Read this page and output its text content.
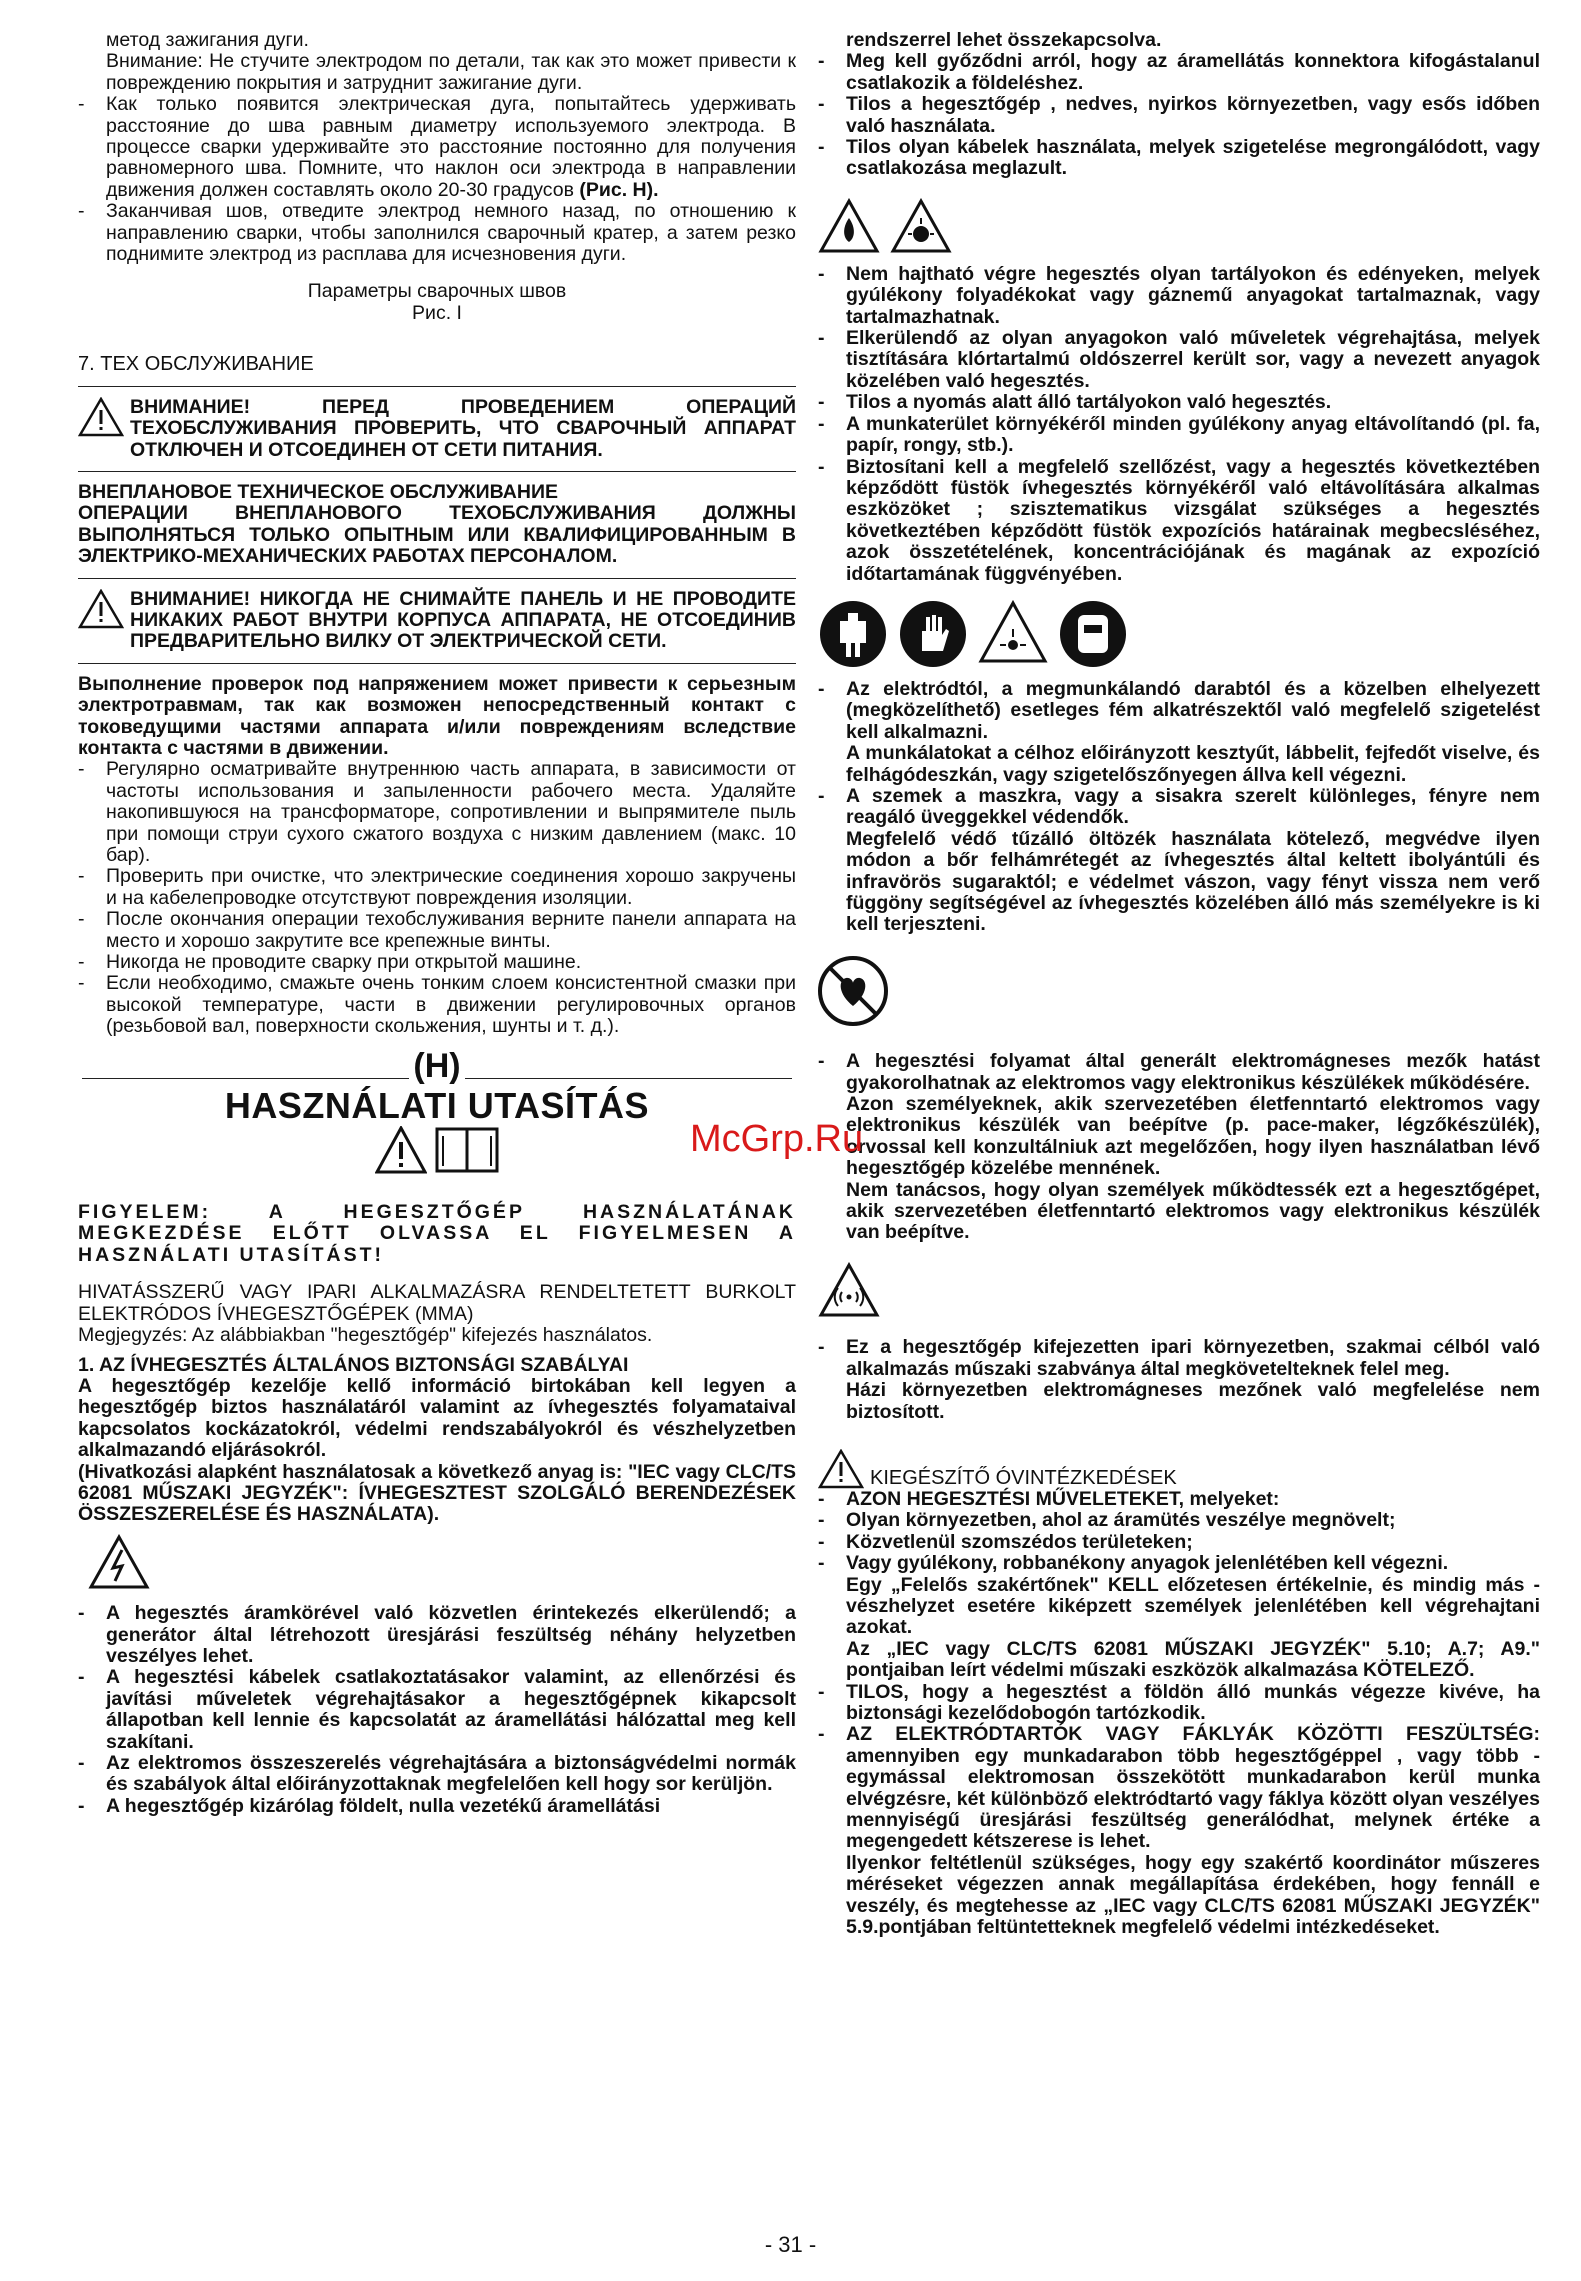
метод зажигания дуги.

Внимание: Не стучите электродом по детали, так как это может привести к повреждению покрытия и затруднит зажигание дуги.

-	Как только появится электрическая дуга, попытайтесь удерживать расстояние до шва равным диаметру используемого электрода. В процессе сварки удерживайте это расстояние постоянно для получения равномерного шва. Помните, что наклон оси электрода в направлении движения должен составлять около 20-30 градусов (Рис. Н).
-	Заканчивая шов, отведите электрод немного назад, по отношению к направлению сварки, чтобы заполнился сварочный кратер, а затем резко поднимите электрод из расплава для исчезновения дуги.

Параметры сварочных швов

Рис. I

7. ТЕХ ОБСЛУЖИВАНИЕ

ВНИМАНИЕ! ПЕРЕД ПРОВЕДЕНИЕМ ОПЕРАЦИЙ ТЕХОБСЛУЖИВАНИЯ ПРОВЕРИТЬ, ЧТО СВАРОЧНЫЙ АППАРАТ ОТКЛЮЧЕН И ОТСОЕДИНЕН ОТ СЕТИ ПИТАНИЯ.

ВНЕПЛАНОВОЕ ТЕХНИЧЕСКОЕ ОБСЛУЖИВАНИЕ

ОПЕРАЦИИ ВНЕПЛАНОВОГО ТЕХОБСЛУЖИВАНИЯ ДОЛЖНЫ ВЫПОЛНЯТЬСЯ ТОЛЬКО ОПЫТНЫМ ИЛИ КВАЛИФИЦИРОВАННЫМ В ЭЛЕКТРИКО-МЕХАНИЧЕСКИХ РАБОТАХ ПЕРСОНАЛОМ.

ВНИМАНИЕ! НИКОГДА НЕ СНИМАЙТЕ ПАНЕЛЬ И НЕ ПРОВОДИТЕ НИКАКИХ РАБОТ ВНУТРИ КОРПУСА АППАРАТА, НЕ ОТСОЕДИНИВ ПРЕДВАРИТЕЛЬНО ВИЛКУ ОТ ЭЛЕКТРИЧЕСКОЙ СЕТИ.

Выполнение проверок под напряжением может привести к серьезным электротравмам, так как возможен непосредственный контакт с токоведущими частями аппарата и/или повреждениям вследствие контакта с частями в движении.

-	Регулярно осматривайте внутреннюю часть аппарата, в зависимости от частоты использования и запыленности рабочего места. Удаляйте накопившуюся на трансформаторе, сопротивлении и выпрямителе пыль при помощи струи сухого сжатого воздуха с низким давлением (макс. 10 бар).
-	Проверить при очистке, что электрические соединения хорошо закручены и на кабелепроводке отсутствуют повреждения изоляции.
-	После окончания операции техобслуживания верните панели аппарата на место и хорошо закрутите все крепежные винты.
-	Никогда не проводите сварку при открытой машине.
-	Если необходимо, смажьте очень тонким слоем консистентной смазки при высокой температуре, части в движении регулировочных органов (резьбовой вал, поверхности скольжения, шунты и т. д.).
(H)
HASZNÁLATI UTASÍTÁS

FIGYELEM: A HEGESZTŐGÉP HASZNÁLATÁNAK MEGKEZDÉSE ELŐTT OLVASSA EL FIGYELMESEN A HASZNÁLATI UTASÍTÁST!

HIVATÁSSZERŰ VAGY IPARI ALKALMAZÁSRA RENDELTETETT BURKOLT ELEKTRÓDOS ÍVHEGESZTŐGÉPEK (MMA)

Megjegyzés: Az alábbiakban "hegesztőgép" kifejezés használatos.

1. AZ ÍVHEGESZTÉS ÁLTALÁNOS BIZTONSÁGI SZABÁLYAI

A hegesztőgép kezelője kellő információ birtokában kell legyen a hegesztőgép biztos használatáról valamint az ívhegesztés folyamataival kapcsolatos kockázatokról, védelmi rendszabályokról és vészhelyzetben alkalmazandó eljárásokról.

(Hivatkozási alapként használatosak a következő anyag is: "IEC vagy CLC/TS 62081 MŰSZAKI JEGYZÉK": ÍVHEGESZTEST SZOLGÁLÓ BERENDEZÉSEK ÖSSZESZERELÉSE ÉS HASZNÁLATA).

-	A hegesztés áramkörével való közvetlen érintekezés elkerülendő; a generátor által létrehozott üresjárási feszültség néhány helyzetben veszélyes lehet.
-	A hegesztési kábelek csatlakoztatásakor valamint, az ellenőrzési és javítási műveletek végrehajtásakor a hegesztőgépnek kikapcsolt állapotban kell lennie és kapcsolatát az áramellátási hálózattal meg kell szakítani.
-	Az elektromos összeszerelés végrehajtására a biztonságvédelmi normák és szabályok által előirányzottaknak megfelelően kell hogy sor kerüljön.
-	A hegesztőgép kizárólag földelt, nulla vezetékű áramellátási

rendszerrel lehet összekapcsolva.

-	Meg kell győződni arról, hogy az áramellátás konnektora kifogástalanul csatlakozik a földeléshez.
-	Tilos a hegesztőgép , nedves, nyirkos környezetben, vagy esős időben való használata.
-	Tilos olyan kábelek használata, melyek szigetelése megrongálódott, vagy csatlakozása meglazult.
-	Nem hajtható végre hegesztés olyan tartályokon és edényeken, melyek gyúlékony folyadékokat vagy gáznemű anyagokat tartalmaznak, vagy tartalmazhatnak.
-	Elkerülendő az olyan anyagokon való műveletek végrehajtása, melyek tisztítására klórtartalmú oldószerrel került sor, vagy a nevezett anyagok közelében való hegesztés.
-	Tilos a nyomás alatt álló tartályokon való hegesztés.
-	A munkaterület környékéről minden gyúlékony anyag eltávolítandó (pl. fa, papír, rongy, stb.).
-	Biztosítani kell a megfelelő szellőzést, vagy a hegesztés következtében képződött füstök ívhegesztés környékéről való eltávolítására alkalmas eszközöket ; szisztematikus vizsgálat szükséges a hegesztés következtében képződött füstök expozíciós határainak megbecsléséhez, azok összetételének, koncentrációjának és magának az expozíció időtartamának függvényében.
-	Az elektródtól, a megmunkálandó darabtól és a közelben elhelyezett (megközelíthető) esetleges fém alkatrészektől való megfelelő szigetelést kell alkalmazni.

A munkálatokat a célhoz előirányzott kesztyűt, lábbelit, fejfedőt viselve, és felhágódeszkán, vagy szigetelőszőnyegen állva kell végezni.

-	A szemek a maszkra, vagy a sisakra szerelt különleges, fényre nem reagáló üveggekkel védendők.

Megfelelő védő tűzálló öltözék használata kötelező, megvédve ilyen módon a bőr felhámrétegét az ívhegesztés által keltett ibolyántúli és infravörös sugaraktól; e védelmet vászon, vagy fényt vissza nem verő függöny segítségével az ívhegesztés közelében álló más személyekre is ki kell terjeszteni.

-	A hegesztési folyamat által generált elektromágneses mezők hatást gyakorolhatnak az elektromos vagy elektronikus készülékek működésére.

Azon személyeknek, akik szervezetében életfenntartó elektromos vagy elektronikus készülék van beépítve (p. pace-maker, légzőkészülék), orvossal kell konzultálniuk azt megelőzően, hogy ilyen használatban lévő hegesztőgép közelébe mennének.

Nem tanácsos, hogy olyan személyek működtessék ezt a hegesztőgépet, akik szervezetében életfenntartó elektromos vagy elektronikus készülék van beépítve.

-	Ez a hegesztőgép kifejezetten ipari környezetben, szakmai célból való alkalmazás műszaki szabványa által megkövetelteknek felel meg.

Házi környezetben elektromágneses mezőnek való megfelelése nem biztosított.

KIEGÉSZÍTŐ ÓVINTÉZKEDÉSEK

-	AZON HEGESZTÉSI MŰVELETEKET, melyeket:
-	Olyan környezetben, ahol az áramütés veszélye megnövelt;
-	Közvetlenül szomszédos területeken;
-	Vagy gyúlékony, robbanékony anyagok jelenlétében kell végezni.

Egy „Felelős szakértőnek" KELL előzetesen értékelnie, és mindig más - vészhelyzet esetére kiképzett személyek jelenlétében kell végrehajtani azokat.

Az „IEC vagy CLC/TS 62081 MŰSZAKI JEGYZÉK" 5.10; A.7; A9." pontjaiban leírt védelmi műszaki eszközök alkalmazása KÖTELEZŐ.

-	TILOS, hogy a hegesztést a földön álló munkás végezze kivéve, ha biztonsági kezelődobogón tartózkodik.
-	AZ ELEKTRÓDTARTÓK VAGY FÁKLYÁK KÖZÖTTI FESZÜLTSÉG: amennyiben egy munkadarabon több hegesztőgéppel , vagy több - egymással elektromosan összekötött munkadarabon kerül munka elvégzésre, két különböző elektródtartó vagy fáklya között olyan veszélyes mennyiségű üresjárási feszültség generálódhat, melynek értéke a megengedett kétszerese is lehet.

Ilyenkor feltétlenül szükséges, hogy egy szakértő koordinátor műszeres méréseket végezzen annak megállapítása érdekében, hogy fennáll e veszély, és megtehesse az „IEC vagy CLC/TS 62081 MŰSZAKI JEGYZÉK" 5.9.pontjában feltüntetteknek megfelelő védelmi intézkedéseket.

McGrp.Ru
- 31 -
